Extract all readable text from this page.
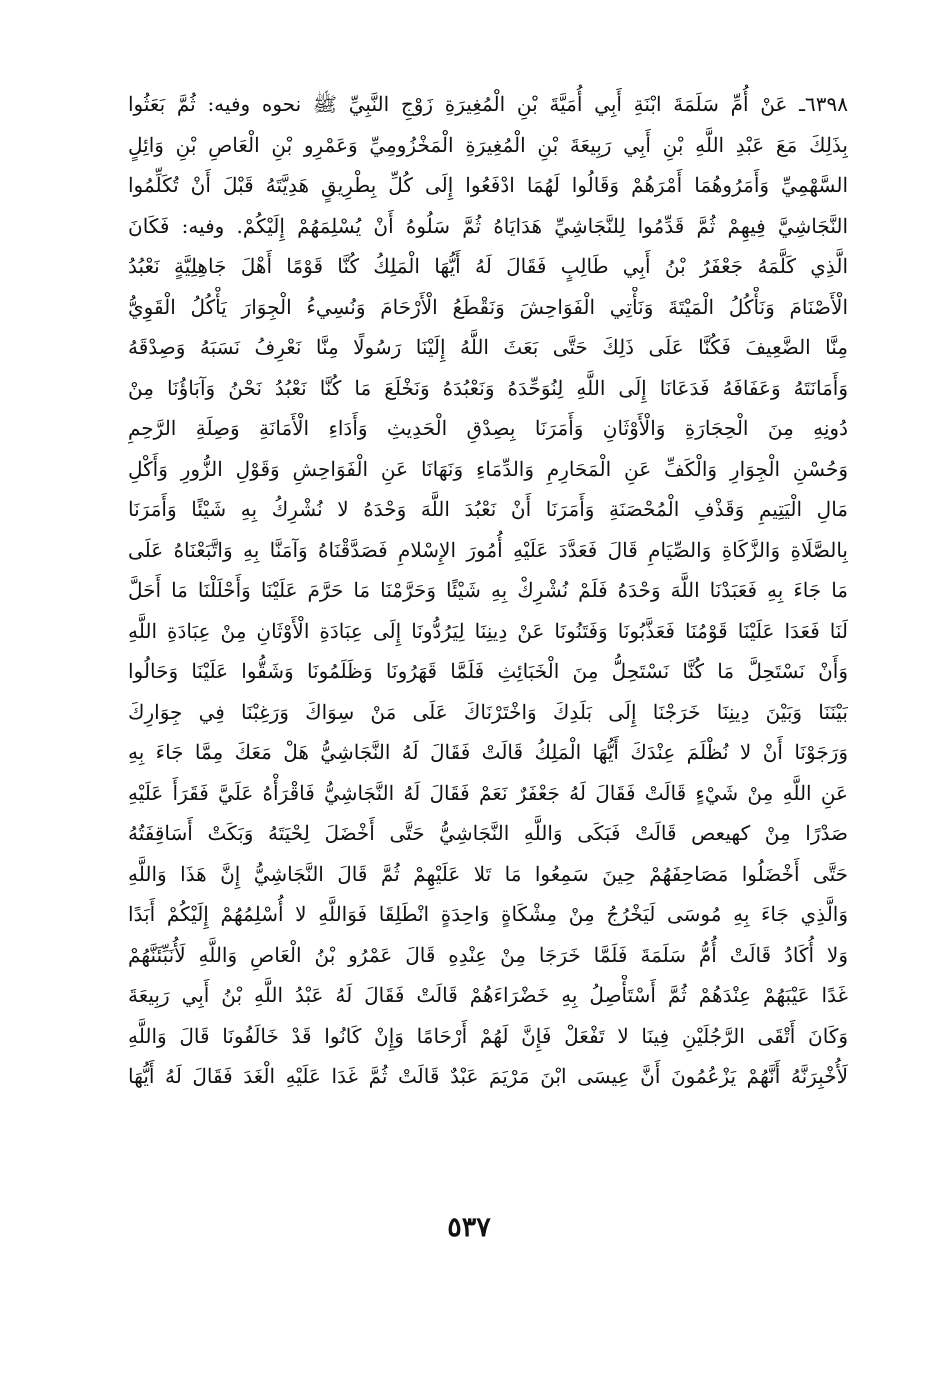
٦٣٩٨ـ عَنْ أُمِّ سَلَمَةَ ابْنَةِ أَبِي أُمَيَّةَ بْنِ الْمُغِيرَةِ زَوْجِ النَّبِيِّ ﷺ نحوه وفيه: ثُمَّ بَعَثُوا
بِذَلِكَ مَعَ عَبْدِ اللَّهِ بْنِ أَبِي رَبِيعَةَ بْنِ الْمُغِيرَةِ الْمَخْزُومِيِّ وَعَمْرِو بْنِ الْعَاصِ بْنِ وَائِلٍ
السَّهْمِيِّ وَأَمَرُوهُمَا أَمْرَهُمْ وَقَالُوا لَهُمَا ادْفَعُوا إِلَى كُلِّ بِطْرِيقٍ هَدِيَّتَهُ قَبْلَ أَنْ تُكَلِّمُوا
النَّجَاشِيَّ فِيهِمْ ثُمَّ قَدِّمُوا لِلنَّجَاشِيِّ هَدَايَاهُ ثُمَّ سَلُوهُ أَنْ يُسْلِمَهُمْ إِلَيْكُمْ. وفيه: فَكَانَ
الَّذِي كَلَّمَهُ جَعْفَرُ بْنُ أَبِي طَالِبٍ فَقَالَ لَهُ أَيُّهَا الْمَلِكُ كُنَّا قَوْمًا أَهْلَ جَاهِلِيَّةٍ نَعْبُدُ
الْأَصْنَامَ وَنَأْكُلُ الْمَيْتَةَ وَنَأْتِي الْفَوَاحِشَ وَنَقْطَعُ الْأَرْحَامَ وَنُسِيءُ الْجِوَارَ يَأْكُلُ الْقَوِيُّ
مِنَّا الضَّعِيفَ فَكُنَّا عَلَى ذَلِكَ حَتَّى بَعَثَ اللَّهُ إِلَيْنَا رَسُولًا مِنَّا نَعْرِفُ نَسَبَهُ وَصِدْقَهُ
وَأَمَانَتَهُ وَعَفَافَهُ فَدَعَانَا إِلَى اللَّهِ لِنُوَحِّدَهُ وَنَعْبُدَهُ وَنَخْلَعَ مَا كُنَّا نَعْبُدُ نَحْنُ وَآبَاؤُنَا مِنْ
دُونِهِ مِنَ الْحِجَارَةِ وَالْأَوْثَانِ وَأَمَرَنَا بِصِدْقِ الْحَدِيثِ وَأَدَاءِ الْأَمَانَةِ وَصِلَةِ الرَّحِمِ
وَحُسْنِ الْجِوَارِ وَالْكَفِّ عَنِ الْمَحَارِمِ وَالدِّمَاءِ وَنَهَانَا عَنِ الْفَوَاحِشِ وَقَوْلِ الزُّورِ وَأَكْلِ
مَالِ الْيَتِيمِ وَقَذْفِ الْمُحْصَنَةِ وَأَمَرَنَا أَنْ نَعْبُدَ اللَّهَ وَحْدَهُ لا نُشْرِكُ بِهِ شَيْئًا وَأَمَرَنَا
بِالصَّلَاةِ وَالزَّكَاةِ وَالصِّيَامِ قَالَ فَعَدَّدَ عَلَيْهِ أُمُورَ الإِسْلامِ فَصَدَّقْنَاهُ وَآمَنَّا بِهِ وَاتَّبَعْنَاهُ عَلَى
مَا جَاءَ بِهِ فَعَبَدْنَا اللَّهَ وَحْدَهُ فَلَمْ نُشْرِكْ بِهِ شَيْئًا وَحَرَّمْنَا مَا حَرَّمَ عَلَيْنَا وَأَحْلَلْنَا مَا أَحَلَّ
لَنَا فَعَدَا عَلَيْنَا قَوْمُنَا فَعَذَّبُونَا وَفَتَنُونَا عَنْ دِينِنَا لِيَرُدُّونَا إِلَى عِبَادَةِ الْأَوْثَانِ مِنْ عِبَادَةِ اللَّهِ
وَأَنْ نَسْتَحِلَّ مَا كُنَّا نَسْتَحِلُّ مِنَ الْخَبَائِثِ فَلَمَّا قَهَرُونَا وَظَلَمُونَا وَشَقُّوا عَلَيْنَا وَحَالُوا
بَيْنَنَا وَبَيْنَ دِينِنَا خَرَجْنَا إِلَى بَلَدِكَ وَاخْتَرْنَاكَ عَلَى مَنْ سِوَاكَ وَرَغِبْنَا فِي جِوَارِكَ
وَرَجَوْنَا أَنْ لا نُظْلَمَ عِنْدَكَ أَيُّهَا الْمَلِكُ قَالَتْ فَقَالَ لَهُ النَّجَاشِيُّ هَلْ مَعَكَ مِمَّا جَاءَ بِهِ
عَنِ اللَّهِ مِنْ شَيْءٍ قَالَتْ فَقَالَ لَهُ جَعْفَرٌ نَعَمْ فَقَالَ لَهُ النَّجَاشِيُّ فَاقْرَأْهُ عَلَيَّ فَقَرَأَ عَلَيْهِ
صَدْرًا مِنْ كهيعص قَالَتْ فَبَكَى وَاللَّهِ النَّجَاشِيُّ حَتَّى أَخْضَلَ لِحْيَتَهُ وَبَكَتْ أَسَاقِفَتُهُ
حَتَّى أَخْضَلُوا مَصَاحِفَهُمْ حِينَ سَمِعُوا مَا تَلا عَلَيْهِمْ ثُمَّ قَالَ النَّجَاشِيُّ إِنَّ هَذَا وَاللَّهِ
وَالَّذِي جَاءَ بِهِ مُوسَى لَيَخْرُجُ مِنْ مِشْكَاةٍ وَاحِدَةٍ انْطَلِقَا فَوَاللَّهِ لا أُسْلِمُهُمْ إِلَيْكُمْ أَبَدًا
وَلا أُكَادُ قَالَتْ أُمُّ سَلَمَةَ فَلَمَّا خَرَجَا مِنْ عِنْدِهِ قَالَ عَمْرُو بْنُ الْعَاصِ وَاللَّهِ لَأُنَبِّئَنَّهُمْ
غَدًا عَيْبَهُمْ عِنْدَهُمْ ثُمَّ أَسْتَأْصِلُ بِهِ خَضْرَاءَهُمْ قَالَتْ فَقَالَ لَهُ عَبْدُ اللَّهِ بْنُ أَبِي رَبِيعَةَ
وَكَانَ أَتْقَى الرَّجُلَيْنِ فِينَا لا تَفْعَلْ فَإِنَّ لَهُمْ أَرْحَامًا وَإِنْ كَانُوا قَدْ خَالَفُونَا قَالَ وَاللَّهِ
لَأُخْبِرَنَّهُ أَنَّهُمْ يَزْعُمُونَ أَنَّ عِيسَى ابْنَ مَرْيَمَ عَبْدٌ قَالَتْ ثُمَّ غَدَا عَلَيْهِ الْغَدَ فَقَالَ لَهُ أَيُّهَا
٥٣٧
